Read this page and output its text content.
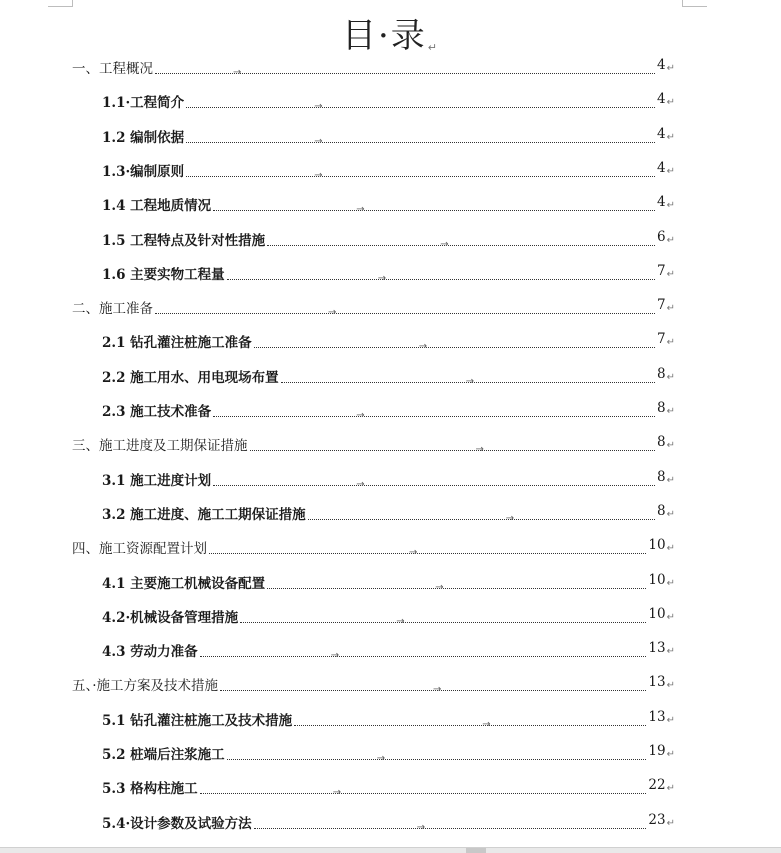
目·录↵
一、工程概况	→	4↵
1.1·工程简介	→	4↵
1.2 编制依据	→	4↵
1.3·编制原则	→	4↵
1.4 工程地质情况	→	4↵
1.5 工程特点及针对性措施	→	6↵
1.6 主要实物工程量	→	7↵
二、施工准备	→	7↵
2.1 钻孔灌注桩施工准备	→	7↵
2.2 施工用水、用电现场布置	→	8↵
2.3 施工技术准备	→	8↵
三、施工进度及工期保证措施	→	8↵
3.1 施工进度计划	→	8↵
3.2 施工进度、施工工期保证措施	→	8↵
四、施工资源配置计划	→	10↵
4.1 主要施工机械设备配置	→	10↵
4.2·机械设备管理措施	→	10↵
4.3 劳动力准备	→	13↵
五、·施工方案及技术措施	→	13↵
5.1 钻孔灌注桩施工及技术措施	→	13↵
5.2 桩端后注浆施工	→	19↵
5.3 格构柱施工	→	22↵
5.4·设计参数及试验方法	→	23↵
